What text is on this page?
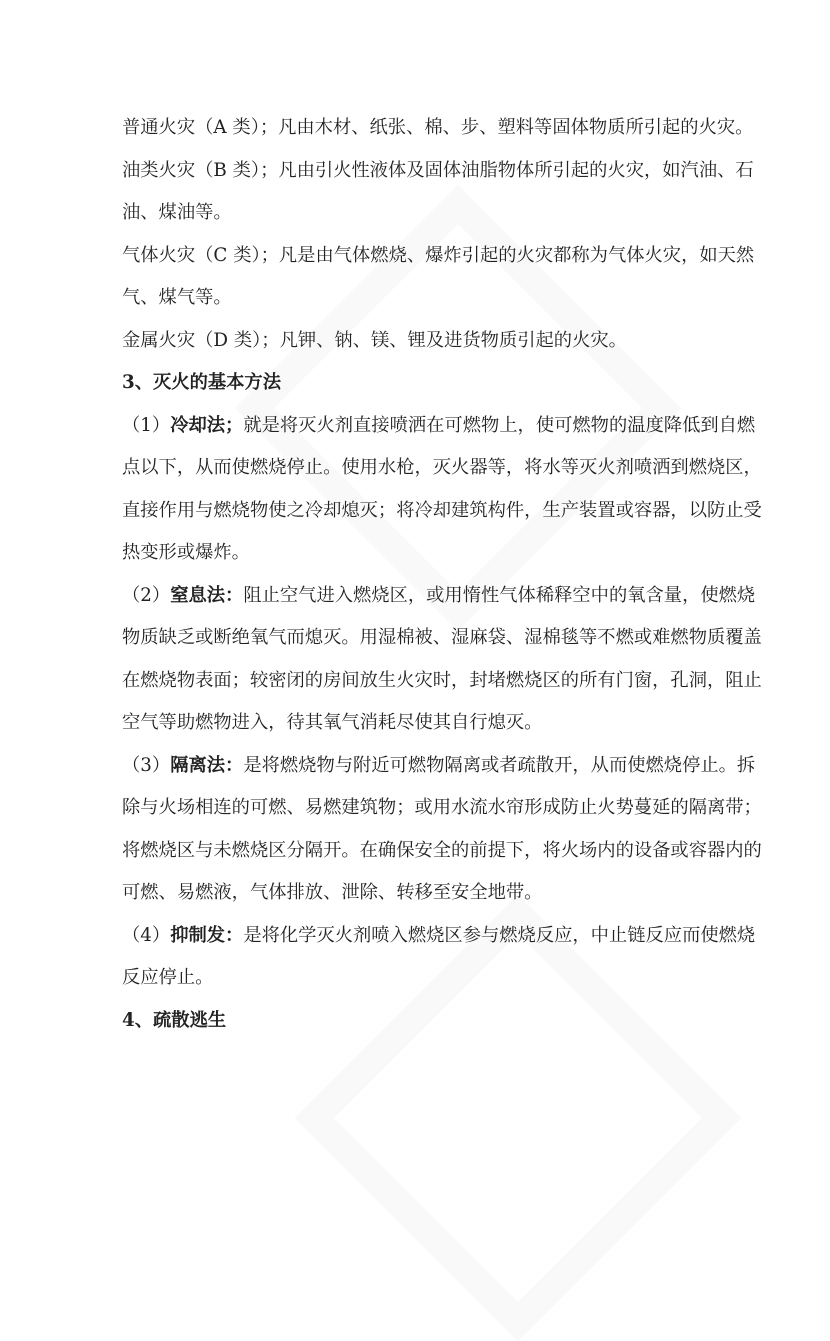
普通火灾（A 类）；凡由木材、纸张、棉、步、塑料等固体物质所引起的火灾。
油类火灾（B 类）；凡由引火性液体及固体油脂物体所引起的火灾，如汽油、石
油、煤油等。
气体火灾（C 类）；凡是由气体燃烧、爆炸引起的火灾都称为气体火灾，如天然
气、煤气等。
金属火灾（D 类）；凡钾、钠、镁、锂及进货物质引起的火灾。
3、灭火的基本方法
（1）冷却法；就是将灭火剂直接喷洒在可燃物上，使可燃物的温度降低到自燃
点以下，从而使燃烧停止。使用水枪，灭火器等，将水等灭火剂喷洒到燃烧区，
直接作用与燃烧物使之冷却熄灭；将冷却建筑构件，生产装置或容器，以防止受
热变形或爆炸。
（2）窒息法：阻止空气进入燃烧区，或用惰性气体稀释空中的氧含量，使燃烧
物质缺乏或断绝氧气而熄灭。用湿棉被、湿麻袋、湿棉毯等不燃或难燃物质覆盖
在燃烧物表面；较密闭的房间放生火灾时，封堵燃烧区的所有门窗，孔洞，阻止
空气等助燃物进入，待其氧气消耗尽使其自行熄灭。
（3）隔离法：是将燃烧物与附近可燃物隔离或者疏散开，从而使燃烧停止。拆
除与火场相连的可燃、易燃建筑物；或用水流水帘形成防止火势蔓延的隔离带；
将燃烧区与未燃烧区分隔开。在确保安全的前提下，将火场内的设备或容器内的
可燃、易燃液，气体排放、泄除、转移至安全地带。
（4）抑制发：是将化学灭火剂喷入燃烧区参与燃烧反应，中止链反应而使燃烧
反应停止。
4、疏散逃生
